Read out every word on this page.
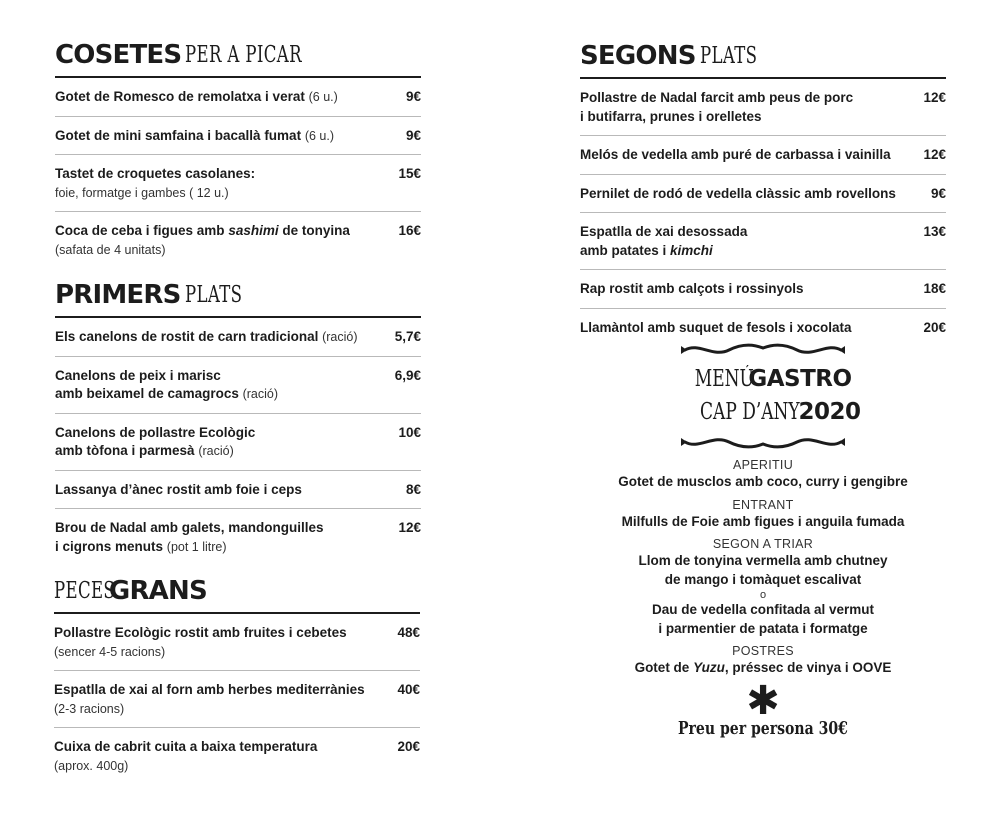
COSETES PER A PICAR
Gotet de Romesco de remolatxa i verat (6 u.)	9€
Gotet de mini samfaina i bacallà fumat (6 u.)	9€
Tastet de croquetes casolanes:
foie, formatge i gambes ( 12 u.)
15€
Coca de ceba i figues amb sashimi de tonyina
(safata de 4 unitats)
16€
PRIMERS PLATS
Els canelons de rostit de carn tradicional (ració)	5,7€
Canelons de peix i marisc
amb beixamel de camagrocs (ració)
6,9€
Canelons de pollastre Ecològic
amb tòfona i parmesà (ració)
10€
Lassanya d’ànec rostit amb foie i ceps	8€
Brou de Nadal amb galets, mandonguilles
i cigrons menuts (pot 1 litre)
12€
PECES
GRANS
Pollastre Ecològic rostit amb fruites i cebetes
(sencer 4-5 racions)
48€
Espatlla de xai al forn amb herbes mediterrànies
(2-3 racions)
40€
Cuixa de cabrit cuita a baixa temperatura
(aprox. 400g)
20€
SEGONS PLATS
Pollastre de Nadal farcit amb peus de porc
i butifarra, prunes i orelletes
12€
Melós de vedella amb puré de carbassa i vainilla	12€
Pernilet de rodó de vedella clàssic amb rovellons	9€
Espatlla de xai desossada
amb patates i kimchi
13€
Rap rostit amb calçots i rossinyols	18€
Llamàntol amb suquet de fesols i xocolata	20€
MENÚGASTRO
CAP D’ANY 2020
APERITIU
Gotet de musclos amb coco, curry i gengibre
ENTRANT
Milfulls de Foie amb figues i anguila fumada
SEGON A TRIAR
Llom de tonyina vermella amb chutney
de mango i tomàquet escalivat
o
Dau de vedella confitada al vermut
i parmentier de patata i formatge
POSTRES
Gotet de Yuzu, préssec de vinya i OOVE
✱
Preu per persona 30€
